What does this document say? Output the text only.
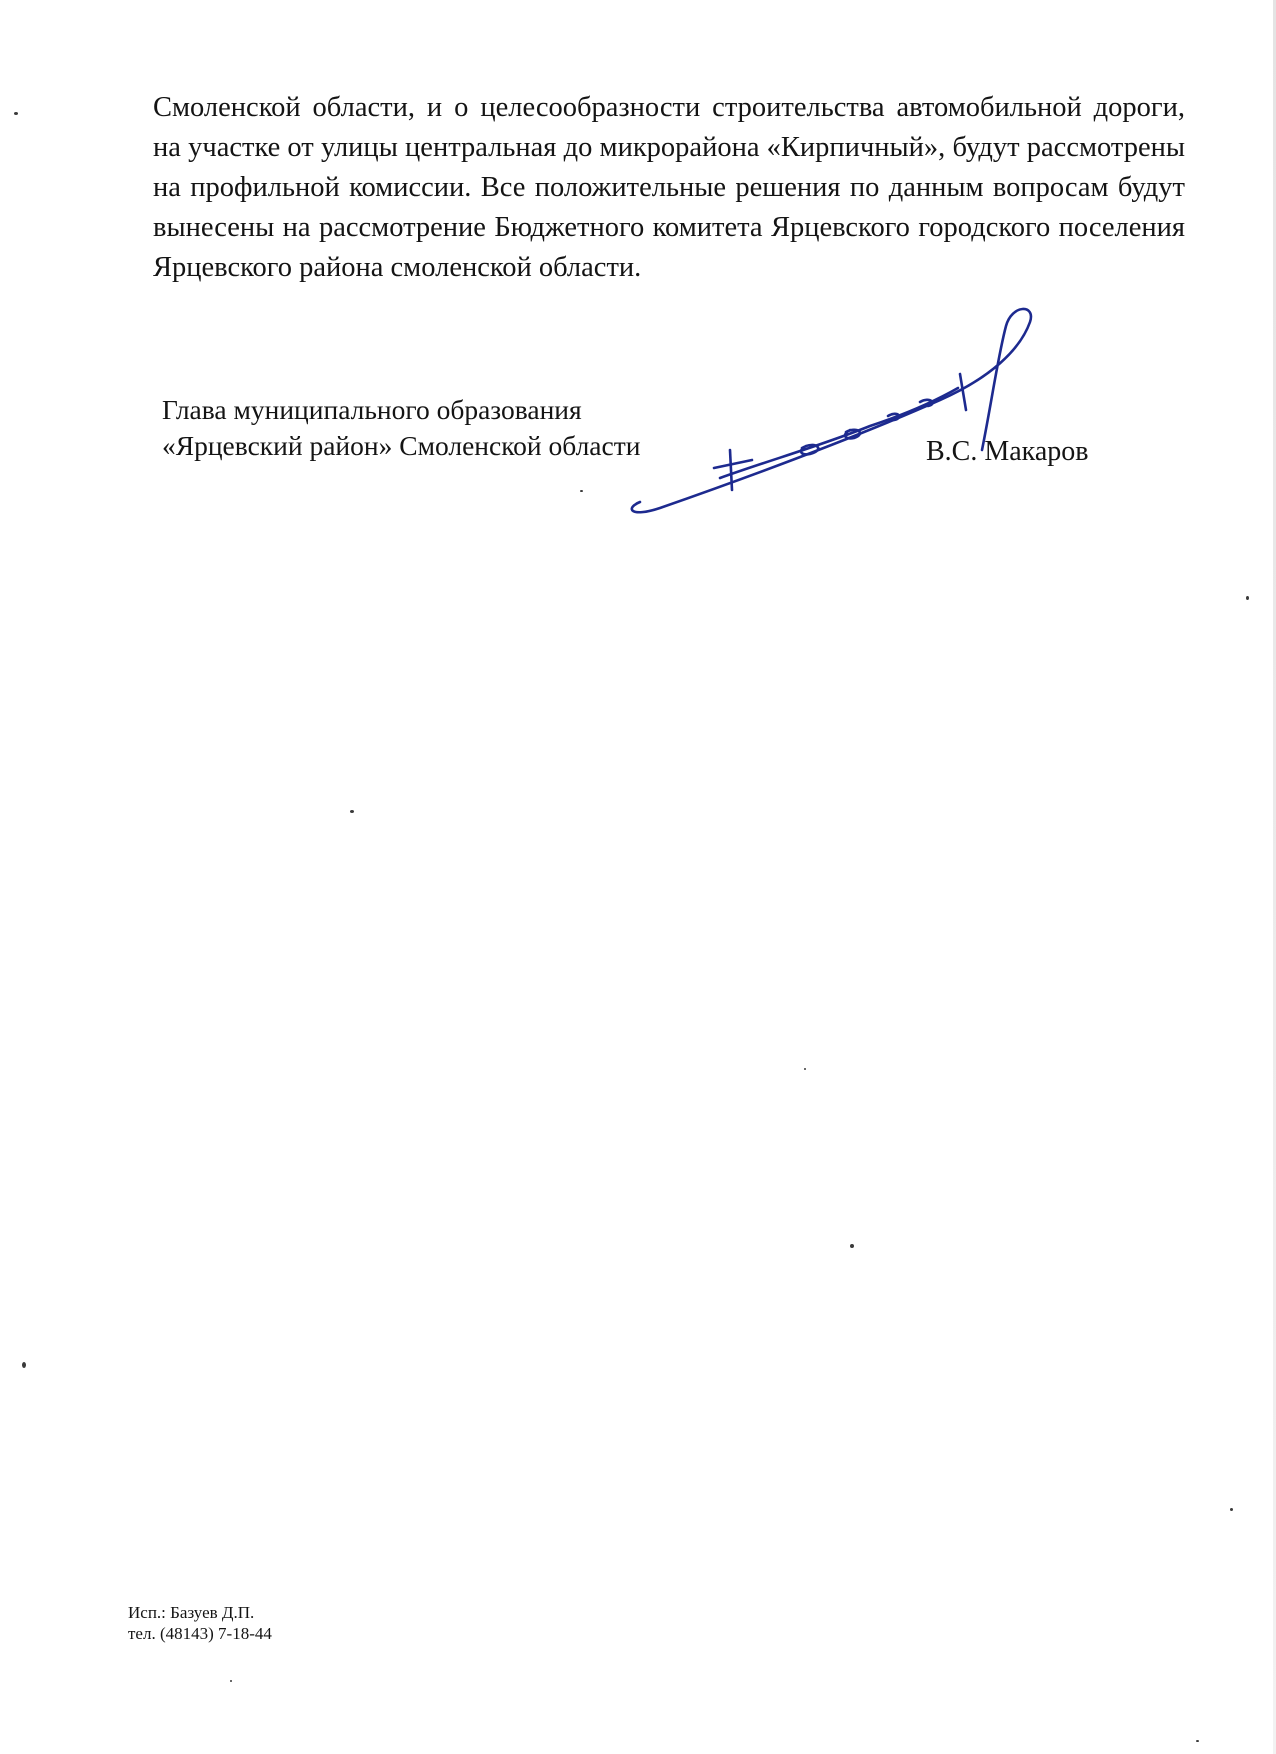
Смоленской области, и о целесообразности строительства автомобильной дороги, на участке от улицы центральная до микрорайона «Кирпичный», будут рассмотрены на профильной комиссии. Все положительные решения по данным вопросам будут вынесены на рассмотрение Бюджетного комитета Ярцевского городского поселения Ярцевского района смоленской области.

Глава муниципального образования
«Ярцевский район» Смоленской области	В.С. Макаров
Исп.: Базуев Д.П.
тел. (48143) 7-18-44
